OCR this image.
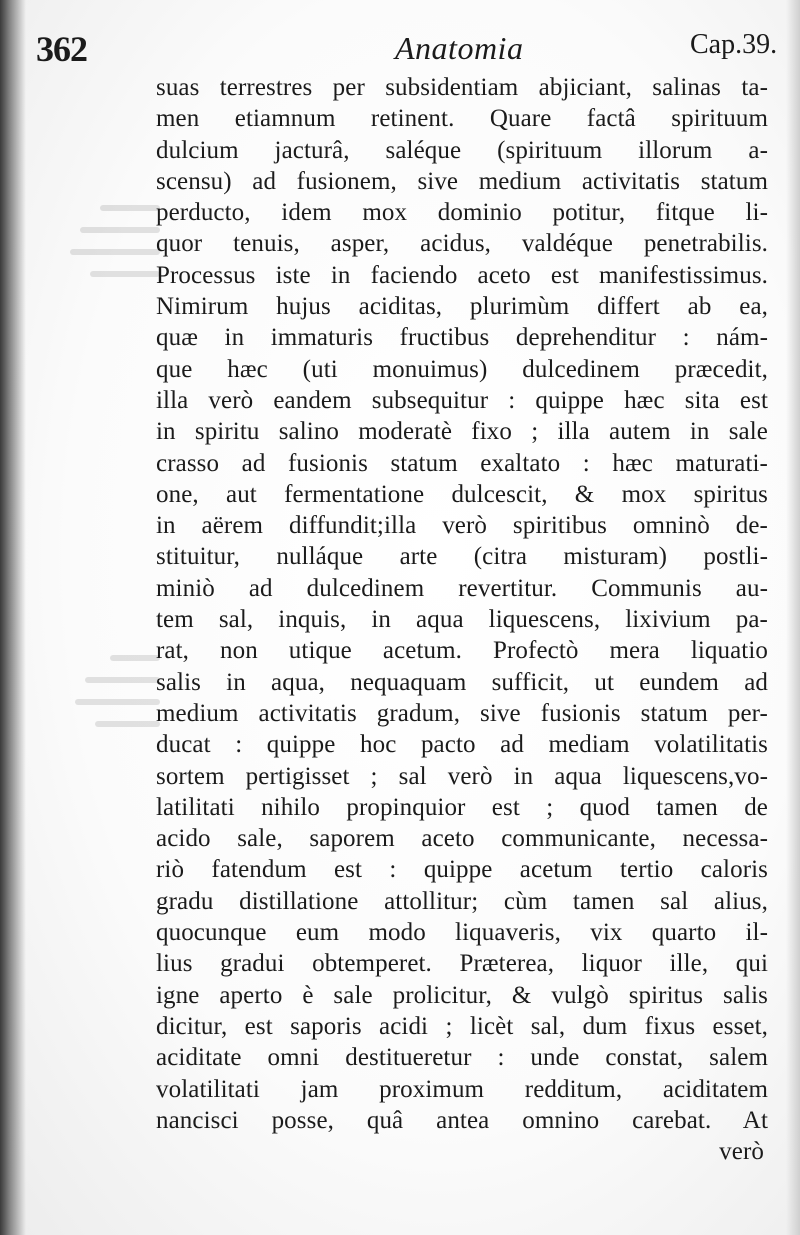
362	Anatomia	Cap.39.
suas terrestres per subsidentiam abjiciant, salinas ta-
men etiamnum retinent. Quare factâ spirituum
dulcium jacturâ, saléque (spirituum illorum a-
scensu) ad fusionem, sive medium activitatis statum
perducto, idem mox dominio potitur, fitque li-
quor tenuis, asper, acidus, valdéque penetrabilis.
Processus iste in faciendo aceto est manifestissimus.
Nimirum hujus aciditas, plurimùm differt ab ea,
quæ in immaturis fructibus deprehenditur : nám-
que hæc (uti monuimus) dulcedinem præcedit,
illa verò eandem subsequitur : quippe hæc sita est
in spiritu salino moderatè fixo ; illa autem in sale
crasso ad fusionis statum exaltato : hæc maturati-
one, aut fermentatione dulcescit, & mox spiritus
in aërem diffundit;illa verò spiritibus omninò de-
stituitur, nulláque arte (citra misturam) postli-
miniò ad dulcedinem revertitur. Communis au-
tem sal, inquis, in aqua liquescens, lixivium pa-
rat, non utique acetum. Profectò mera liquatio
salis in aqua, nequaquam sufficit, ut eundem ad
medium activitatis gradum, sive fusionis statum per-
ducat : quippe hoc pacto ad mediam volatilitatis
sortem pertigisset ; sal verò in aqua liquescens,vo-
latilitati nihilo propinquior est ; quod tamen de
acido sale, saporem aceto communicante, necessa-
riò fatendum est : quippe acetum tertio caloris
gradu distillatione attollitur; cùm tamen sal alius,
quocunque eum modo liquaveris, vix quarto il-
lius gradui obtemperet. Præterea, liquor ille, qui
igne aperto è sale prolicitur, & vulgò spiritus salis
dicitur, est saporis acidi ; licèt sal, dum fixus esset,
aciditate omni destitueretur : unde constat, salem
volatilitati jam proximum redditum, aciditatem
nancisci posse, quâ antea omnino carebat. At
verò
